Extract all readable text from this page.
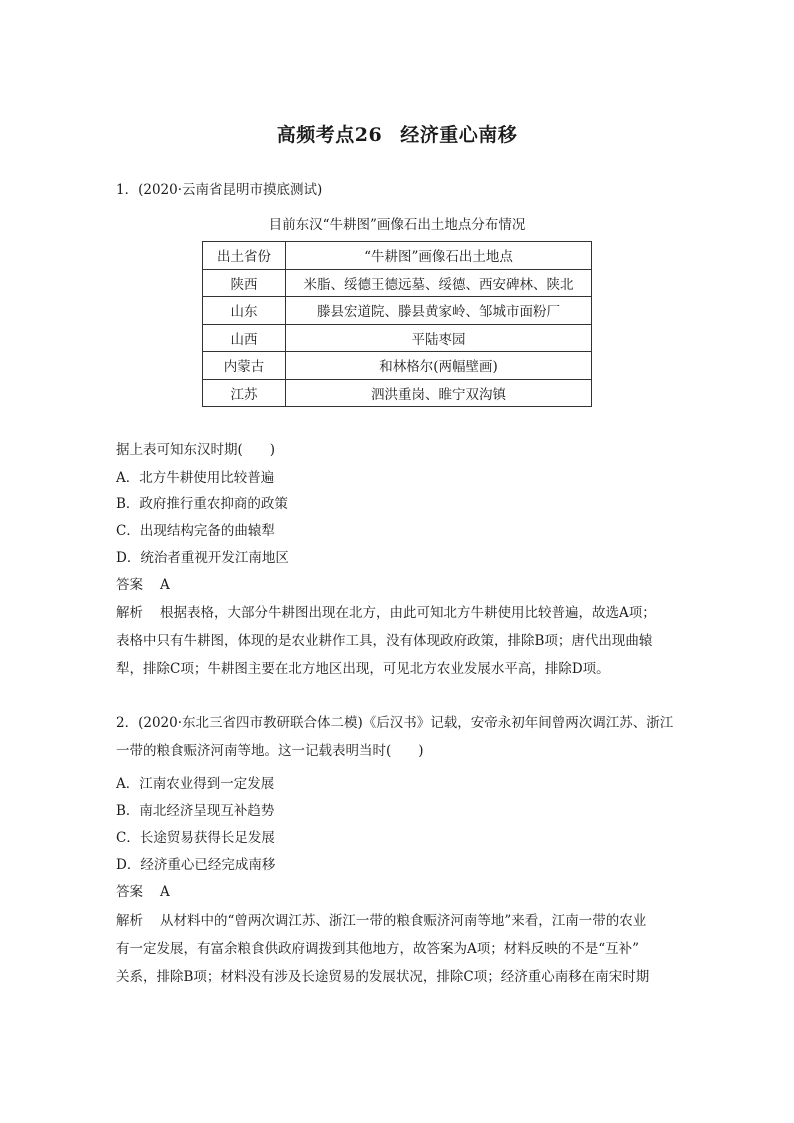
高频考点26 经济重心南移
1．(2020·云南省昆明市摸底测试)
目前东汉“牛耕图”画像石出土地点分布情况
出土省份	“牛耕图”画像石出土地点
陕西	米脂、绥德王德远墓、绥德、西安碑林、陕北
山东	滕县宏道院、滕县黄家岭、邹城市面粉厂
山西	平陆枣园
内蒙古	和林格尔(两幅壁画)
江苏	泗洪重岗、睢宁双沟镇
据上表可知东汉时期(　　)
A．北方牛耕使用比较普遍
B．政府推行重农抑商的政策
C．出现结构完备的曲辕犁
D．统治者重视开发江南地区
答案 A
解析 根据表格，大部分牛耕图出现在北方，由此可知北方牛耕使用比较普遍，故选A项；
表格中只有牛耕图，体现的是农业耕作工具，没有体现政府政策，排除B项；唐代出现曲辕
犁，排除C项；牛耕图主要在北方地区出现，可见北方农业发展水平高，排除D项。
2．(2020·东北三省四市教研联合体二模)《后汉书》记载，安帝永初年间曾两次调江苏、浙江
一带的粮食赈济河南等地。这一记载表明当时(　　)
A．江南农业得到一定发展
B．南北经济呈现互补趋势
C．长途贸易获得长足发展
D．经济重心已经完成南移
答案 A
解析 从材料中的“曾两次调江苏、浙江一带的粮食赈济河南等地”来看，江南一带的农业
有一定发展，有富余粮食供政府调拨到其他地方，故答案为A项；材料反映的不是“互补”
关系，排除B项；材料没有涉及长途贸易的发展状况，排除C项；经济重心南移在南宋时期
